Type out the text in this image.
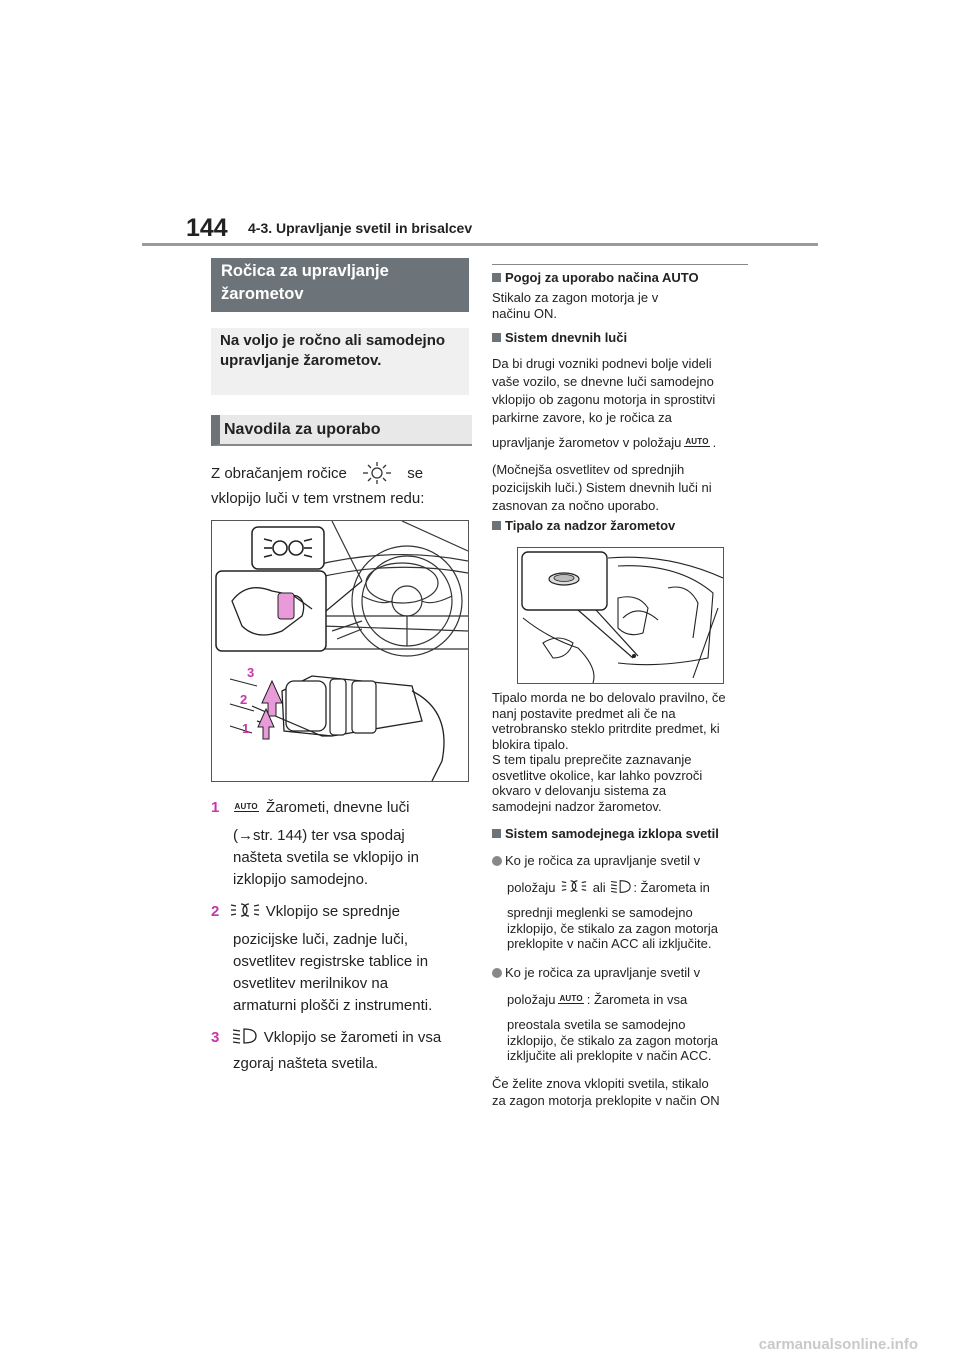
144 4-3. Upravljanje svetil in brisalcev
Ročica za upravljanje žarometov
Na voljo je ročno ali samodejno upravljanje žarometov.
Navodila za uporabo
Z obračanjem ročice	se
vklopijo luči v tem vrstnem redu:
3
2
1
1 AUTO Žarometi, dnevne luči
(→str. 144) ter vsa spodaj
našteta svetila se vklopijo in
izklopijo samodejno.
2	Vklopijo se sprednje
pozicijske luči, zadnje luči,
osvetlitev registrske tablice in
osvetlitev merilnikov na
armaturni plošči z instrumenti.
3	Vklopijo se žarometi in vsa
zgoraj našteta svetila.
Pogoj za uporabo načina AUTO
Stikalo za zagon motorja je v
načinu ON.
Sistem dnevnih luči
Da bi drugi vozniki podnevi bolje videli
vaše vozilo, se dnevne luči samodejno
vklopijo ob zagonu motorja in sprostitvi
parkirne zavore, ko je ročica za
upravljanje žarometov v položaju AUTO .
(Močnejša osvetlitev od sprednjih
pozicijskih luči.) Sistem dnevnih luči ni
zasnovan za nočno uporabo.
Tipalo za nadzor žarometov
Tipalo morda ne bo delovalo pravilno, če
nanj postavite predmet ali če na
vetrobransko steklo pritrdite predmet, ki
blokira tipalo.
S tem tipalu preprečite zaznavanje
osvetlitve okolice, kar lahko povzroči
okvaro v delovanju sistema za
samodejni nadzor žarometov.
Sistem samodejnega izklopa svetil
Ko je ročica za upravljanje svetil v
položaju	ali : Žarometa in
sprednji meglenki se samodejno
izklopijo, če stikalo za zagon motorja
preklopite v način ACC ali izključite.
Ko je ročica za upravljanje svetil v
položaju AUTO : Žarometa in vsa
preostala svetila se samodejno
izklopijo, če stikalo za zagon motorja
izključite ali preklopite v način ACC.
Če želite znova vklopiti svetila, stikalo
za zagon motorja preklopite v način ON
carmanualsonline.info
